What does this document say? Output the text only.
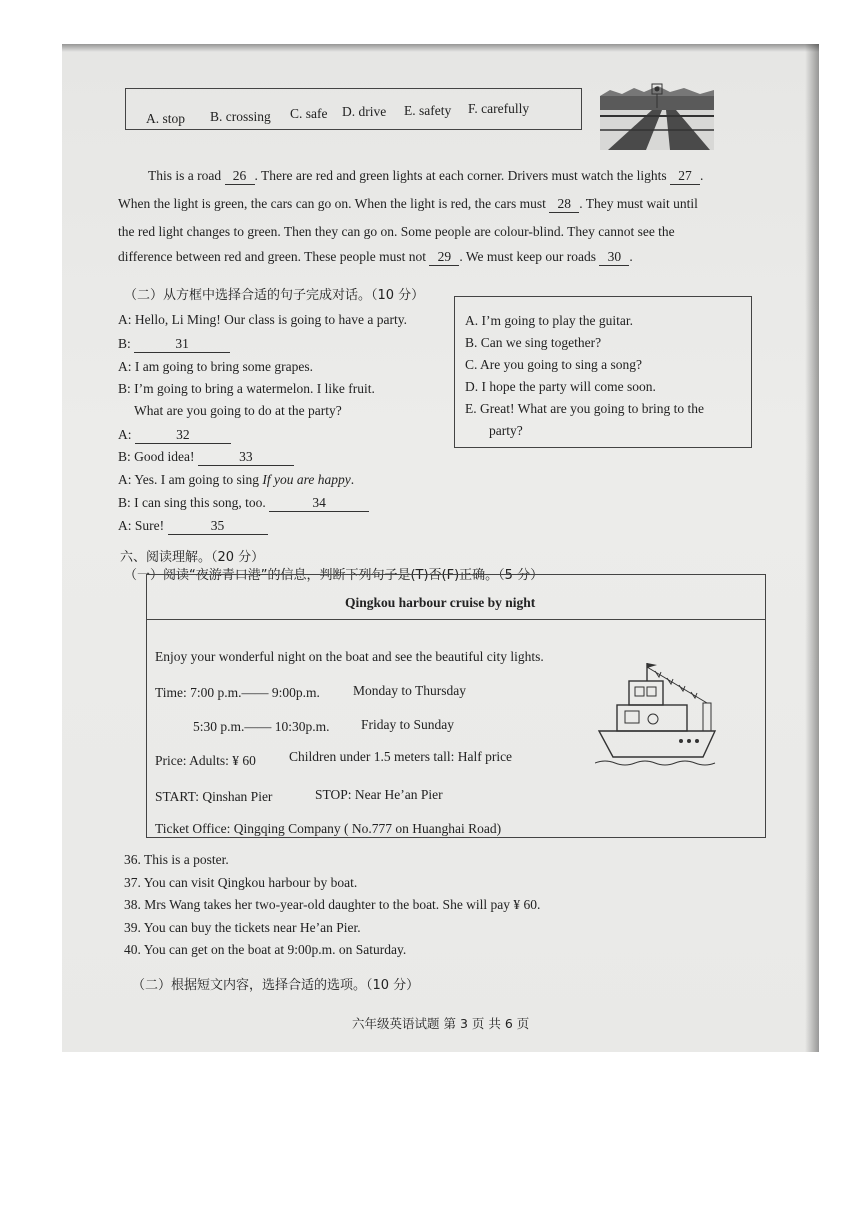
A. stop B. crossing C. safe D. drive E. safety F. carefully
This is a road 26 . There are red and green lights at each corner. Drivers must watch the lights 27 .
When the light is green, the cars can go on. When the light is red, the cars must 28 . They must wait until
the red light changes to green. Then they can go on. Some people are colour-blind. They cannot see the
difference between red and green. These people must not 29 . We must keep our roads 30 .
（二）从方框中选择合适的句子完成对话。（10 分）
A: Hello, Li Ming! Our class is going to have a party.
B:	31
A: I am going to bring some grapes.
B: I’m going to bring a watermelon. I like fruit.
What are you going to do at the party?
A:	32
B: Good idea!	33
A: Yes. I am going to sing If you are happy.
B: I can sing this song, too.	34
A: Sure!	35
A. I’m going to play the guitar.
B. Can we sing together?
C. Are you going to sing a song?
D. I hope the party will come soon.
E. Great! What are you going to bring to the
party?
六、阅读理解。（20 分）
（一）阅读“夜游青口港”的信息，判断下列句子是(T)否(F)正确。（5 分）
Qingkou harbour cruise by night
Enjoy your wonderful night on the boat and see the beautiful city lights.
Time: 7:00 p.m.—— 9:00p.m. Monday to Thursday
5:30 p.m.—— 10:30p.m. Friday to Sunday
Price: Adults: ¥ 60 Children under 1.5 meters tall: Half price
START: Qinshan Pier	STOP: Near He’an Pier
Ticket Office: Qingqing Company ( No.777 on Huanghai Road)
36. This is a poster.
37. You can visit Qingkou harbour by boat.
38. Mrs Wang takes her two-year-old daughter to the boat. She will pay ¥ 60.
39. You can buy the tickets near He’an Pier.
40. You can get on the boat at 9:00p.m. on Saturday.
（二）根据短文内容，选择合适的选项。（10 分）
六年级英语试题 第 3 页 共 6 页
